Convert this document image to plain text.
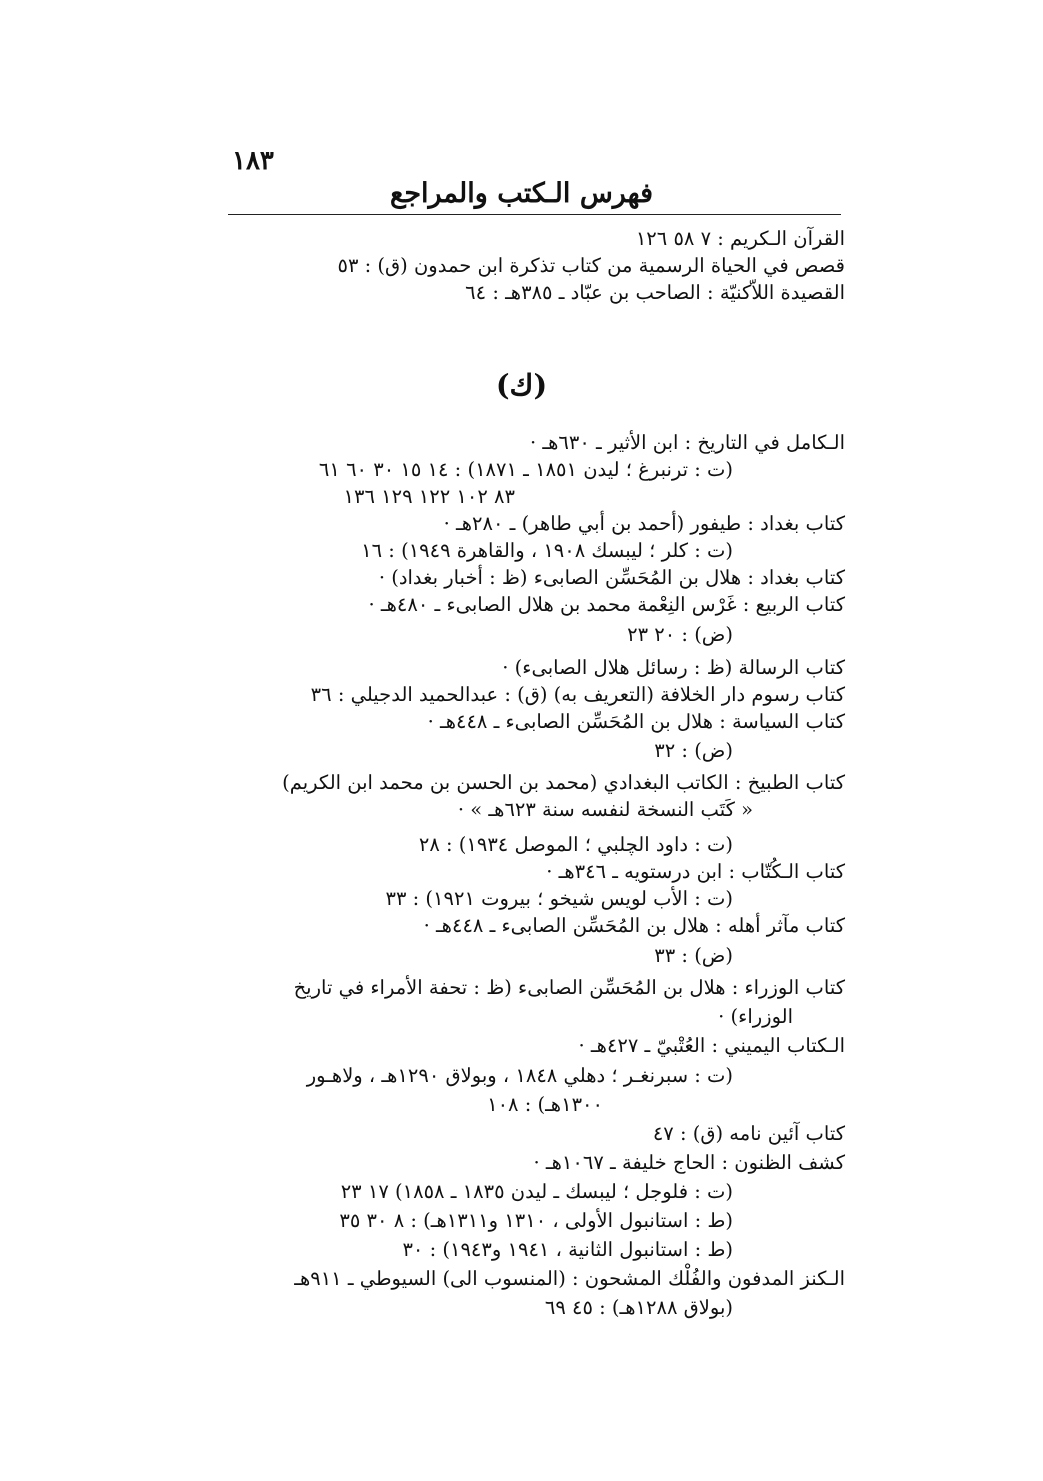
١٨٣
فهرس الـكتب والمراجع
(ك)
القرآن الـكريم : ٧ ٥٨ ١٢٦
قصص في الحياة الرسمية من كتاب تذكرة ابن حمدون (ق) : ٥٣
القصيدة اللاّكنيّة : الصاحب بن عبّاد ـ ٣٨٥هـ : ٦٤
الـكامل في التاريخ : ابن الأثير ـ ٦٣٠هـ ·
(ت : ترنبرغ ؛ ليدن ١٨٥١ ـ ١٨٧١) : ١٤ ١٥ ٣٠ ٦٠ ٦١
٨٣ ١٠٢ ١٢٢ ١٢٩ ١٣٦
كتاب بغداد : طيفور (أحمد بن أبي طاهر) ـ ٢٨٠هـ ·
(ت : كلر ؛ ليبسك ١٩٠٨ ، والقاهرة ١٩٤٩) : ١٦
كتاب بغداد : هلال بن المُحَسِّن الصابىء (ظ : أخبار بغداد) ·
كتاب الربيع : غَرْس النِعْمة محمد بن هلال الصابىء ـ ٤٨٠هـ ·
(ض) : ٢٠ ٢٣
كتاب الرسالة (ظ : رسائل هلال الصابىء) ·
كتاب رسوم دار الخلافة (التعريف به) (ق) : عبدالحميد الدجيلي : ٣٦
كتاب السياسة : هلال بن المُحَسِّن الصابىء ـ ٤٤٨هـ ·
(ض) : ٣٢
كتاب الطبيخ : الكاتب البغدادي (محمد بن الحسن بن محمد ابن الكريم)
« كَتَب النسخة لنفسه سنة ٦٢٣هـ » ·
(ت : داود الچلبي ؛ الموصل ١٩٣٤) : ٢٨
كتاب الـكُتّاب : ابن درستويه ـ ٣٤٦هـ ·
(ت : الأب لويس شيخو ؛ بيروت ١٩٢١) : ٣٣
كتاب مآثر أهله : هلال بن المُحَسِّن الصابىء ـ ٤٤٨هـ ·
(ض) : ٣٣
كتاب الوزراء : هلال بن المُحَسِّن الصابىء (ظ : تحفة الأمراء في تاريخ
الوزراء) ·
الـكتاب اليميني : العُتْبيّ ـ ٤٢٧هـ ·
(ت : سبرنغـر ؛ دهلي ١٨٤٨ ، وبولاق ١٢٩٠هـ ، ولاهـور
١٣٠٠هـ) : ١٠٨
كتاب آئين نامه (ق) : ٤٧
كشف الظنون : الحاج خليفة ـ ١٠٦٧هـ ·
(ت : فلوجل ؛ ليبسك ـ ليدن ١٨٣٥ ـ ١٨٥٨) ١٧ ٢٣
(ط : استانبول الأولى ، ١٣١٠ و١٣١١هـ) : ٨ ٣٠ ٣٥
(ط : استانبول الثانية ، ١٩٤١ و١٩٤٣) : ٣٠
الـكنز المدفون والفُلْك المشحون : (المنسوب الى) السيوطي ـ ٩١١هـ
(بولاق ١٢٨٨هـ) : ٤٥ ٦٩
